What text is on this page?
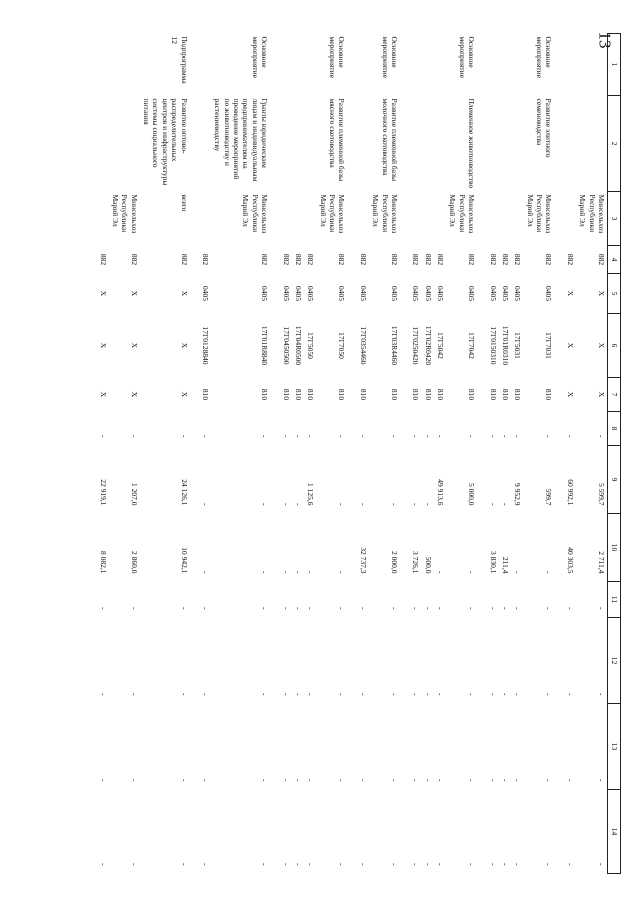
13
1	2	3	4	5	6	7	8	9	10	11	12	13	14
		Минсельхоз Республики Марий Эл	882	X	X	X	-	5 599,7	2 711,4	-	-	-	-
			882	X	X	X	-	60 992,1	40 303,5	-	-	-	-

Основное мероприятие	Развитие элитного семеноводства	Минсельхоз Республики Марий Эл	882	0405	17Г7031	810	-	599,7	-	-	-	-	-
			882	0405	17Г5031	810	-	9 952,9	-	-	-	-	-
			882	0405	17Г01R0310	810	-	-	211,4	-	-	-	-
			882	0405	17Г0150310	810	-	-	3 830,1	-	-	-	-

Основное мероприятие	Племенное животноводство	Минсельхоз Республики Марий Эл	882	0405	17Г7042	810	-	5 000,0	-	-	-	-	-
			882	0405	17Г5042	810	-	49 913,6	-	-	-	-	-
			882	0405	17Г02R0420	810	-	-	500,0	-	-	-	-
			882	0405	17Г0250420	810	-	-	3 726,1	-	-	-	-

Основное мероприятие	Развитие племенной базы молочного скотоводства	Минсельхоз Республики Марий Эл	882	0405	17Г03R4460	810	-	-	2 000,0	-	-	-	-
			882	0405	17Г0354460	810	-	-	32 737,3	-	-	-	-

Основное мероприятие	Развитие племенной базы мясного скотоводства	Минсельхоз Республики Марий Эл	882	0405	17Г7050	810	-	-	-	-	-	-	-
			882	0405	17Г5050	810	-	1 125,6	-	-	-	-	-
			882	0405	17Г04R0500	810	-	-	-	-	-	-	-
			882	0405	17Г0450500	810	-	-	-	-	-	-	-

Основное мероприятие	Гранты юридическим лицам и индивидуальным предпринимателям на проведение мероприятий по животноводству и растениеводству	Минсельхоз Республики Марий Эл	882	0405	17Г01R8840	810	-	-	-	-	-	-	-
			882	0405	17Г0128840	810	-	-	-	-	-	-	-

Подпрограмма 12	Развитие оптово-распределительных центров и инфраструктуры системы социального питания	всего	882	X	X	X	-	24 126,1	10 942,1	-	-	-	-
		Минсельхоз Республики Марий Эл	882	X	X	X	-	1 207,0	2 860,0	-	-	-	-
			882	X	X	X	-	22 919,1	8 082,1	-	-	-	-
